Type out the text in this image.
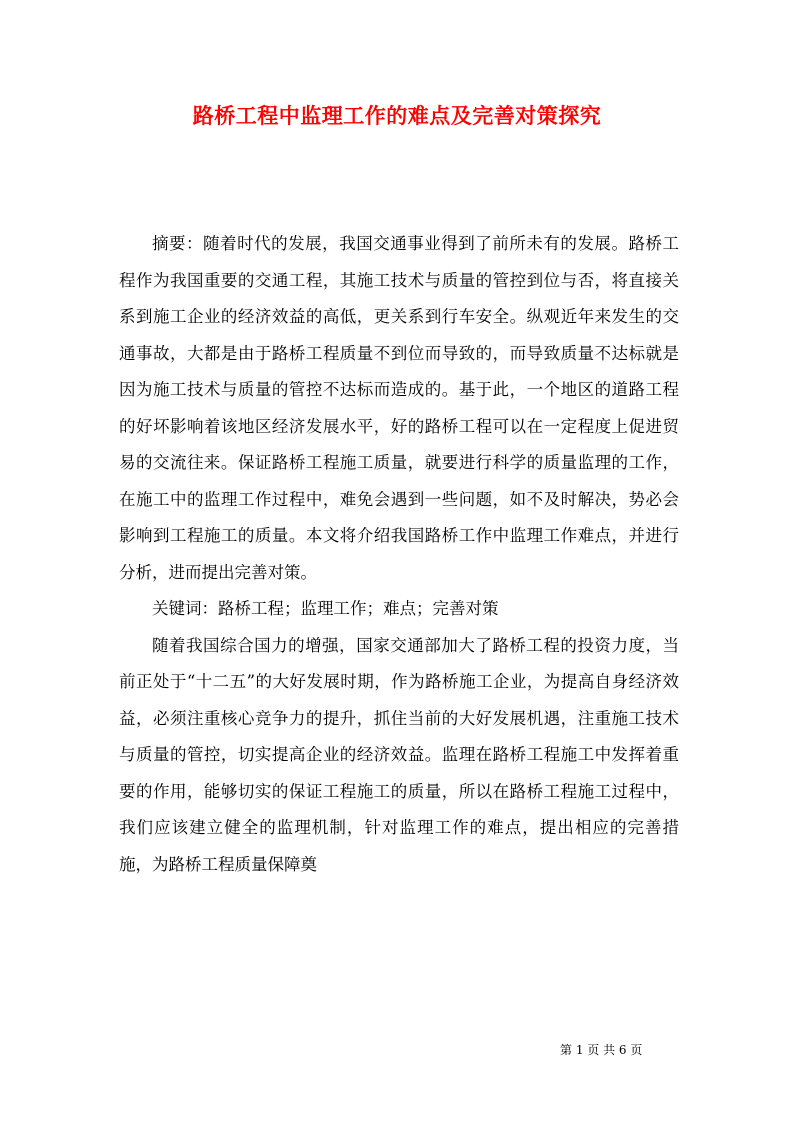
路桥工程中监理工作的难点及完善对策探究

摘要：随着时代的发展，我国交通事业得到了前所未有的发展。路桥工程作为我国重要的交通工程，其施工技术与质量的管控到位与否，将直接关系到施工企业的经济效益的高低，更关系到行车安全。纵观近年来发生的交通事故，大都是由于路桥工程质量不到位而导致的，而导致质量不达标就是因为施工技术与质量的管控不达标而造成的。基于此，一个地区的道路工程的好坏影响着该地区经济发展水平，好的路桥工程可以在一定程度上促进贸易的交流往来。保证路桥工程施工质量，就要进行科学的质量监理的工作，在施工中的监理工作过程中，难免会遇到一些问题，如不及时解决，势必会影响到工程施工的质量。本文将介绍我国路桥工作中监理工作难点，并进行分析，进而提出完善对策。

关键词：路桥工程；监理工作；难点；完善对策

随着我国综合国力的增强，国家交通部加大了路桥工程的投资力度，当前正处于“十二五”的大好发展时期，作为路桥施工企业，为提高自身经济效益，必须注重核心竞争力的提升，抓住当前的大好发展机遇，注重施工技术与质量的管控，切实提高企业的经济效益。监理在路桥工程施工中发挥着重要的作用，能够切实的保证工程施工的质量，所以在路桥工程施工过程中，我们应该建立健全的监理机制，针对监理工作的难点，提出相应的完善措施，为路桥工程质量保障奠

第 1 页 共 6 页
